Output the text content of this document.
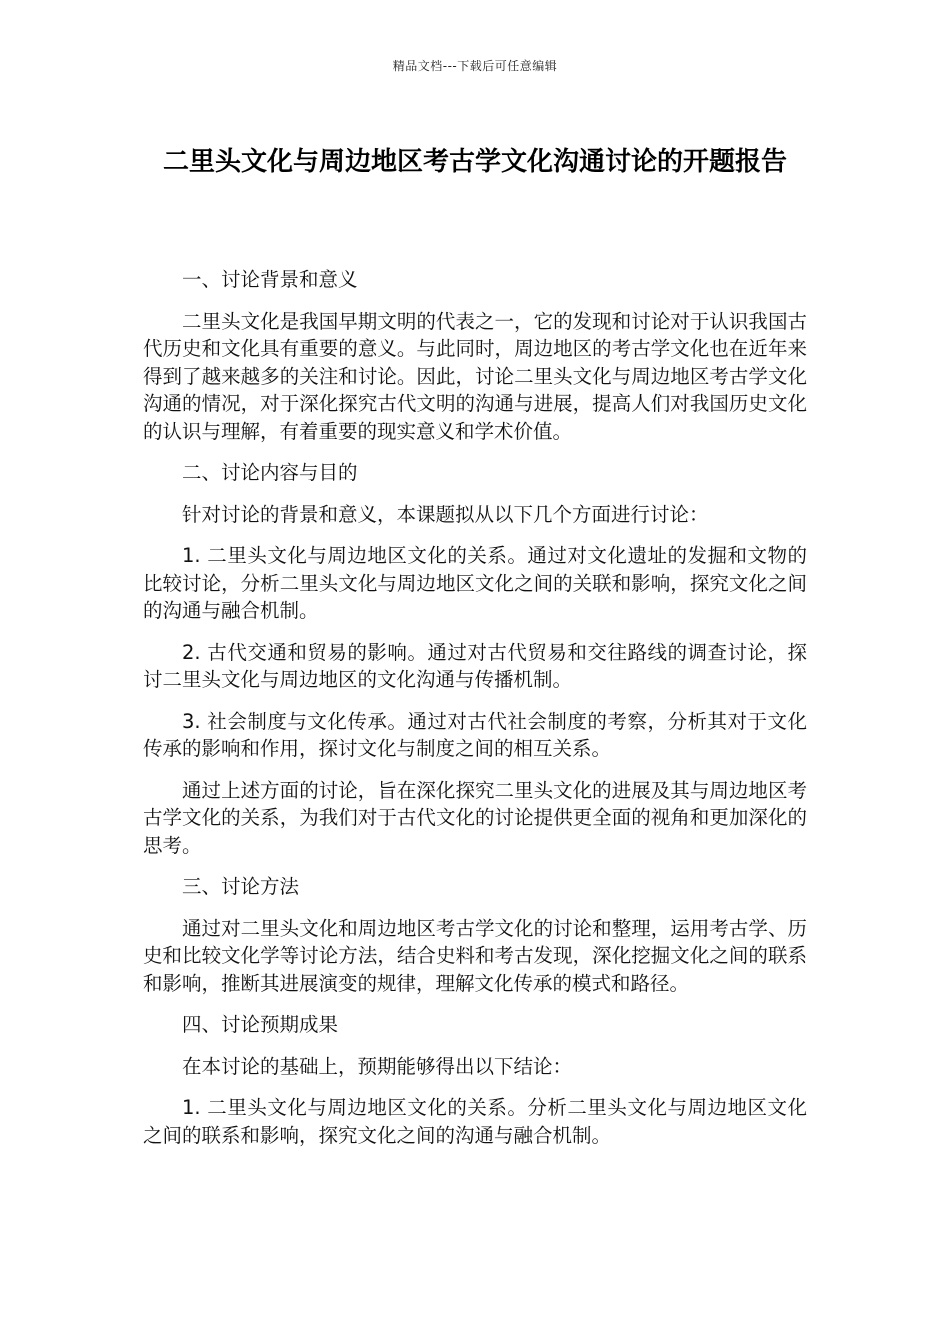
精品文档---下载后可任意编辑
二里头文化与周边地区考古学文化沟通讨论的开题报告

一、讨论背景和意义

二里头文化是我国早期文明的代表之一，它的发现和讨论对于认识我国古代历史和文化具有重要的意义。与此同时，周边地区的考古学文化也在近年来得到了越来越多的关注和讨论。因此，讨论二里头文化与周边地区考古学文化沟通的情况，对于深化探究古代文明的沟通与进展，提高人们对我国历史文化的认识与理解，有着重要的现实意义和学术价值。

二、讨论内容与目的

针对讨论的背景和意义，本课题拟从以下几个方面进行讨论：

1. 二里头文化与周边地区文化的关系。通过对文化遗址的发掘和文物的比较讨论，分析二里头文化与周边地区文化之间的关联和影响，探究文化之间的沟通与融合机制。

2. 古代交通和贸易的影响。通过对古代贸易和交往路线的调查讨论，探讨二里头文化与周边地区的文化沟通与传播机制。

3. 社会制度与文化传承。通过对古代社会制度的考察，分析其对于文化传承的影响和作用，探讨文化与制度之间的相互关系。

通过上述方面的讨论，旨在深化探究二里头文化的进展及其与周边地区考古学文化的关系，为我们对于古代文化的讨论提供更全面的视角和更加深化的思考。

三、讨论方法

通过对二里头文化和周边地区考古学文化的讨论和整理，运用考古学、历史和比较文化学等讨论方法，结合史料和考古发现，深化挖掘文化之间的联系和影响，推断其进展演变的规律，理解文化传承的模式和路径。

四、讨论预期成果

在本讨论的基础上，预期能够得出以下结论：

1. 二里头文化与周边地区文化的关系。分析二里头文化与周边地区文化之间的联系和影响，探究文化之间的沟通与融合机制。
